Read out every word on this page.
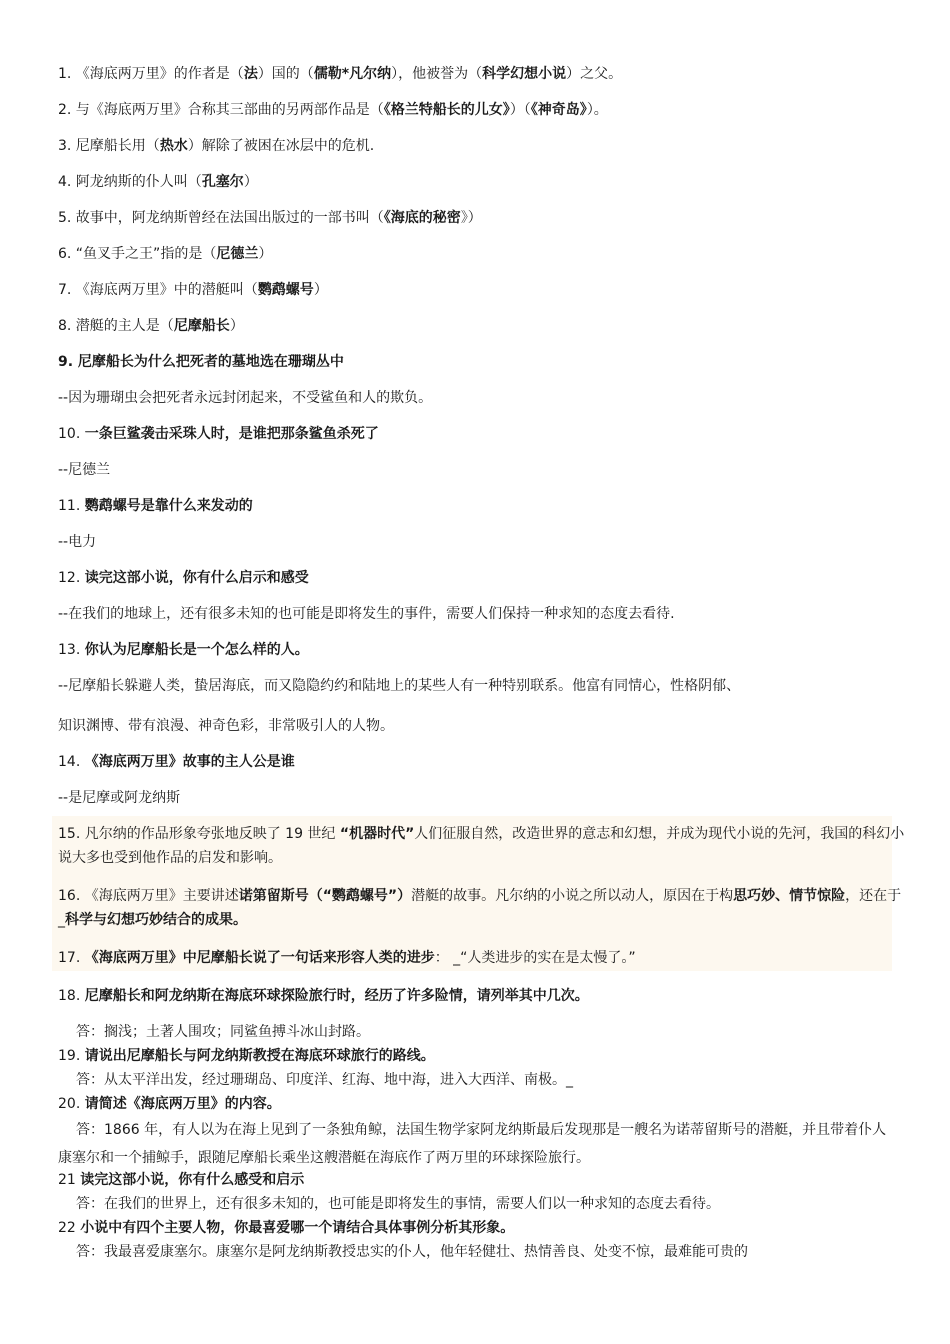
1. 《海底两万里》的作者是（法）国的（儒勒*凡尔纳），他被誉为（科学幻想小说）之父。
2. 与《海底两万里》合称其三部曲的另两部作品是（《格兰特船长的儿女》）（《神奇岛》）。
3. 尼摩船长用（热水）解除了被困在冰层中的危机.
4. 阿龙纳斯的仆人叫（孔塞尔）
5. 故事中，阿龙纳斯曾经在法国出版过的一部书叫（《海底的秘密》）
6. “鱼叉手之王”指的是（尼德兰）
7. 《海底两万里》中的潜艇叫（鹦鹉螺号）
8. 潜艇的主人是（尼摩船长）
9. 尼摩船长为什么把死者的墓地选在珊瑚丛中
--因为珊瑚虫会把死者永远封闭起来，不受鲨鱼和人的欺负。
10. 一条巨鲨袭击采珠人时，是谁把那条鲨鱼杀死了
--尼德兰
11. 鹦鹉螺号是靠什么来发动的
--电力
12. 读完这部小说，你有什么启示和感受
--在我们的地球上，还有很多未知的也可能是即将发生的事件，需要人们保持一种求知的态度去看待.
13. 你认为尼摩船长是一个怎么样的人。
--尼摩船长躲避人类，蛰居海底，而又隐隐约约和陆地上的某些人有一种特别联系。他富有同情心，性格阴郁、
知识渊博、带有浪漫、神奇色彩，非常吸引人的人物。
14. 《海底两万里》故事的主人公是谁
--是尼摩或阿龙纳斯
15. 凡尔纳的作品形象夸张地反映了 19 世纪 “机器时代”人们征服自然，改造世界的意志和幻想，并成为现代小说的先河，我国的科幻小说大多也受到他作品的启发和影响。
16. 《海底两万里》主要讲述诺第留斯号（“鹦鹉螺号”）潜艇的故事。凡尔纳的小说之所以动人，原因在于构思巧妙、情节惊险，还在于 _科学与幻想巧妙结合的成果。
17. 《海底两万里》中尼摩船长说了一句话来形容人类的进步： _“人类进步的实在是太慢了。”
18. 尼摩船长和阿龙纳斯在海底环球探险旅行时，经历了许多险情，请列举其中几次。
答：搁浅；土著人围攻；同鲨鱼搏斗冰山封路。
19. 请说出尼摩船长与阿龙纳斯教授在海底环球旅行的路线。
答：从太平洋出发，经过珊瑚岛、印度洋、红海、地中海，进入大西洋、南极。_
20. 请简述《海底两万里》的内容。
答：1866 年，有人以为在海上见到了一条独角鲸，法国生物学家阿龙纳斯最后发现那是一艘名为诺蒂留斯号的潜艇，并且带着仆人康塞尔和一个捕鲸手，跟随尼摩船长乘坐这艘潜艇在海底作了两万里的环球探险旅行。
21 读完这部小说，你有什么感受和启示
答：在我们的世界上，还有很多未知的，也可能是即将发生的事情，需要人们以一种求知的态度去看待。
22 小说中有四个主要人物，你最喜爱哪一个请结合具体事例分析其形象。
答：我最喜爱康塞尔。康塞尔是阿龙纳斯教授忠实的仆人，他年轻健壮、热情善良、处变不惊，最难能可贵的
